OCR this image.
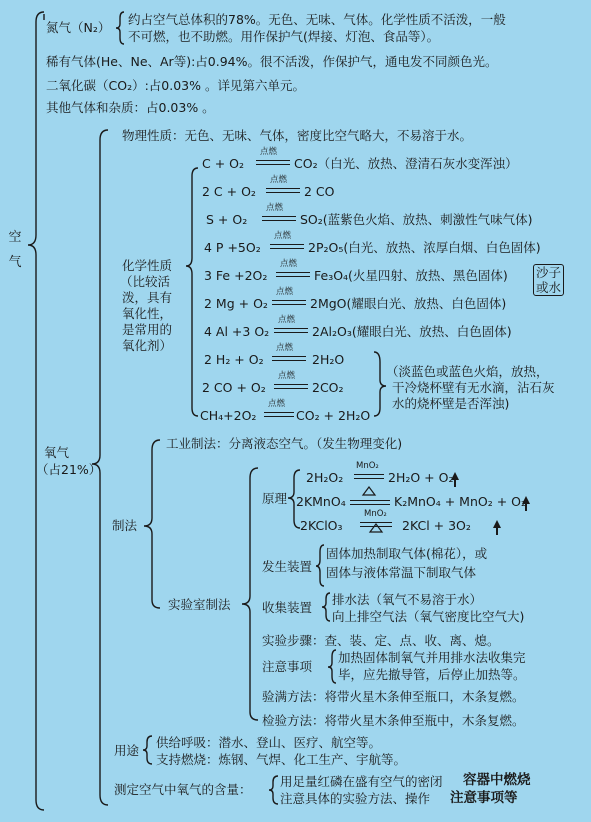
空
气
氮气（N₂）
约占空气总体积的78%。无色、无味、气体。化学性质不活泼，一般
不可燃，也不助燃。用作保护气(焊接、灯泡、食品等）。
稀有气体(He、Ne、Ar等):占0.94%。很不活泼，作保护气，通电发不同颜色光。
二氧化碳（CO₂）:占0.03% 。详见第六单元。
其他气体和杂质：占0.03% 。
氧气
（占21%）
物理性质：无色、无味、气体，密度比空气略大，不易溶于水。
化学性质
（比较活
泼，具有
氧化性，
是常用的
氧化剂）
C + O₂
点燃
CO₂（白光、放热、澄清石灰水变浑浊）
2 C + O₂
点燃
2 CO
S + O₂
点燃
SO₂(蓝紫色火焰、放热、刺激性气味气体)
4 P +5O₂
点燃
2P₂O₅(白光、放热、浓厚白烟、白色固体)
3 Fe +2O₂
点燃
Fe₃O₄(火星四射、放热、黑色固体) 沙子
或水
2 Mg + O₂
点燃
2MgO(耀眼白光、放热、白色固体)
4 Al +3 O₂
点燃
2Al₂O₃(耀眼白光、放热、白色固体)
2 H₂ + O₂
点燃
2H₂O
2 CO + O₂
点燃
2CO₂
CH₄+2O₂
点燃
CO₂ + 2H₂O
（淡蓝色或蓝色火焰，放热，
干冷烧杯壁有无水滴，沾石灰
水的烧杯壁是否浑浊)
制法
工业制法：分离液态空气。（发生物理变化)
实验室制法
原理
2H₂O₂
MnO₂
2H₂O + O₂
2KMnO₄	K₂MnO₄ + MnO₂ + O₂
2KClO₃
MnO₂
2KCl + 3O₂
发生装置
固体加热制取气体(棉花），或
固体与液体常温下制取气体
收集装置
排水法（氧气不易溶于水）
向上排空气法（氧气密度比空气大)
实验步骤：查、装、定、点、收、离、熄。
注意事项
加热固体制氧气并用排水法收集完
毕，应先撤导管，后停止加热等。
验满方法：将带火星木条伸至瓶口，木条复燃。
检验方法：将带火星木条伸至瓶中，木条复燃。
用途
供给呼吸：潜水、登山、医疗、航空等。
支持燃烧：炼钢、气焊、化工生产、宇航等。
测定空气中氧气的含量：
用足量红磷在盛有空气的密闭
注意具体的实验方法、操作
容器中燃烧
注意事项等
